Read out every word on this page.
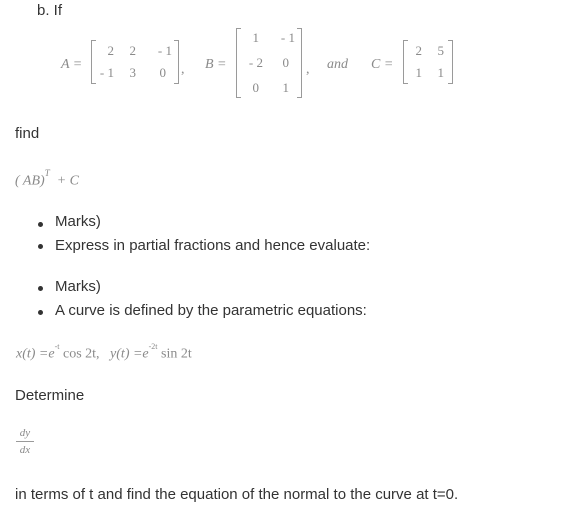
b. If
A =
2	2	- 1
- 1	3	0 , B =
1	- 1
- 2	0
0	1
, and C =
2	5
1	1
find
( AB)$^T$  + C
Marks)
Express in partial fractions and hence evaluate:
Marks)
A curve is defined by the parametric equations:
$x(t) =e^{-t}$ cos 2t, $y(t) =e^{-2t}$ sin 2t
Determine
dy
dx
in terms of t and find the equation of the normal to the curve at t=0.
